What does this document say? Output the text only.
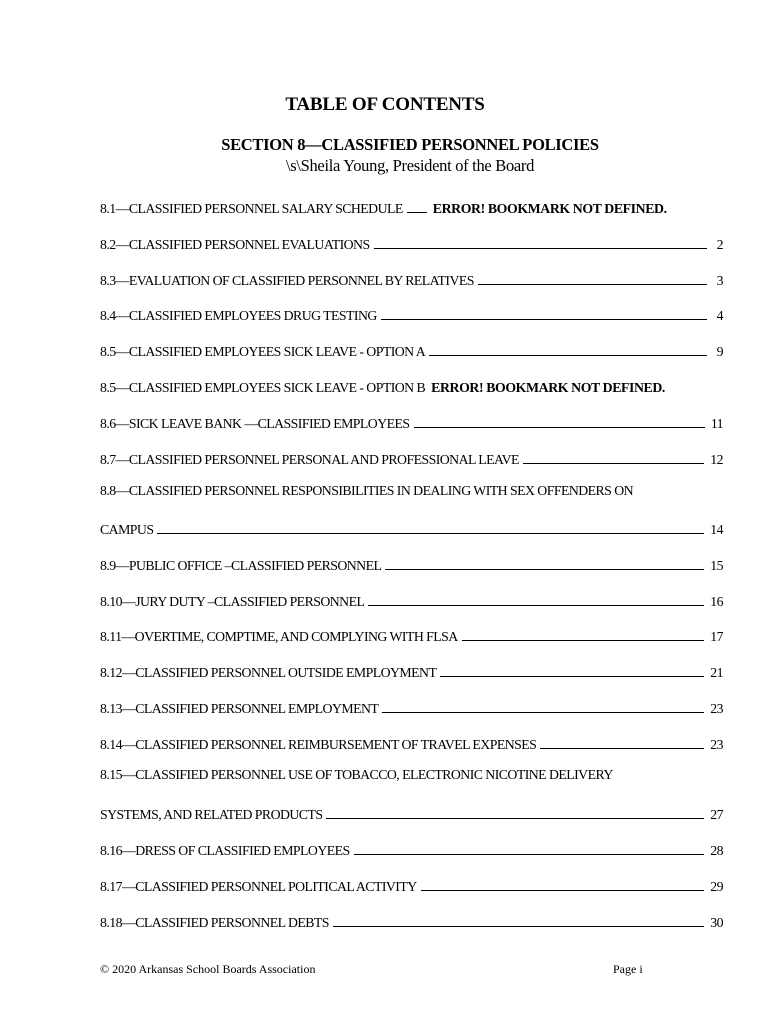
TABLE OF CONTENTS
SECTION 8—CLASSIFIED PERSONNEL POLICIES
\s\Sheila Young, President of the Board
8.1—CLASSIFIED PERSONNEL SALARY SCHEDULE ERROR! BOOKMARK NOT DEFINED.
8.2—CLASSIFIED PERSONNEL EVALUATIONS	2
8.3—EVALUATION OF CLASSIFIED PERSONNEL BY RELATIVES	3
8.4—CLASSIFIED EMPLOYEES DRUG TESTING	4
8.5—CLASSIFIED EMPLOYEES SICK LEAVE - OPTION A	9
8.5—CLASSIFIED EMPLOYEES SICK LEAVE - OPTION B ERROR! BOOKMARK NOT DEFINED.
8.6—SICK LEAVE BANK —CLASSIFIED EMPLOYEES	11
8.7—CLASSIFIED PERSONNEL PERSONAL AND PROFESSIONAL LEAVE	12
8.8—CLASSIFIED PERSONNEL RESPONSIBILITIES IN DEALING WITH SEX OFFENDERS ON
CAMPUS	14
8.9—PUBLIC OFFICE –CLASSIFIED PERSONNEL	15
8.10—JURY DUTY –CLASSIFIED PERSONNEL	16
8.11—OVERTIME, COMPTIME, AND COMPLYING WITH FLSA	17
8.12—CLASSIFIED PERSONNEL OUTSIDE EMPLOYMENT	21
8.13—CLASSIFIED PERSONNEL EMPLOYMENT	23
8.14—CLASSIFIED PERSONNEL REIMBURSEMENT OF TRAVEL EXPENSES	23
8.15—CLASSIFIED PERSONNEL USE OF TOBACCO, ELECTRONIC NICOTINE DELIVERY
SYSTEMS, AND RELATED PRODUCTS	27
8.16—DRESS OF CLASSIFIED EMPLOYEES	28
8.17—CLASSIFIED PERSONNEL POLITICAL ACTIVITY	29
8.18—CLASSIFIED PERSONNEL DEBTS	30
© 2020 Arkansas School Boards Association	Page i
